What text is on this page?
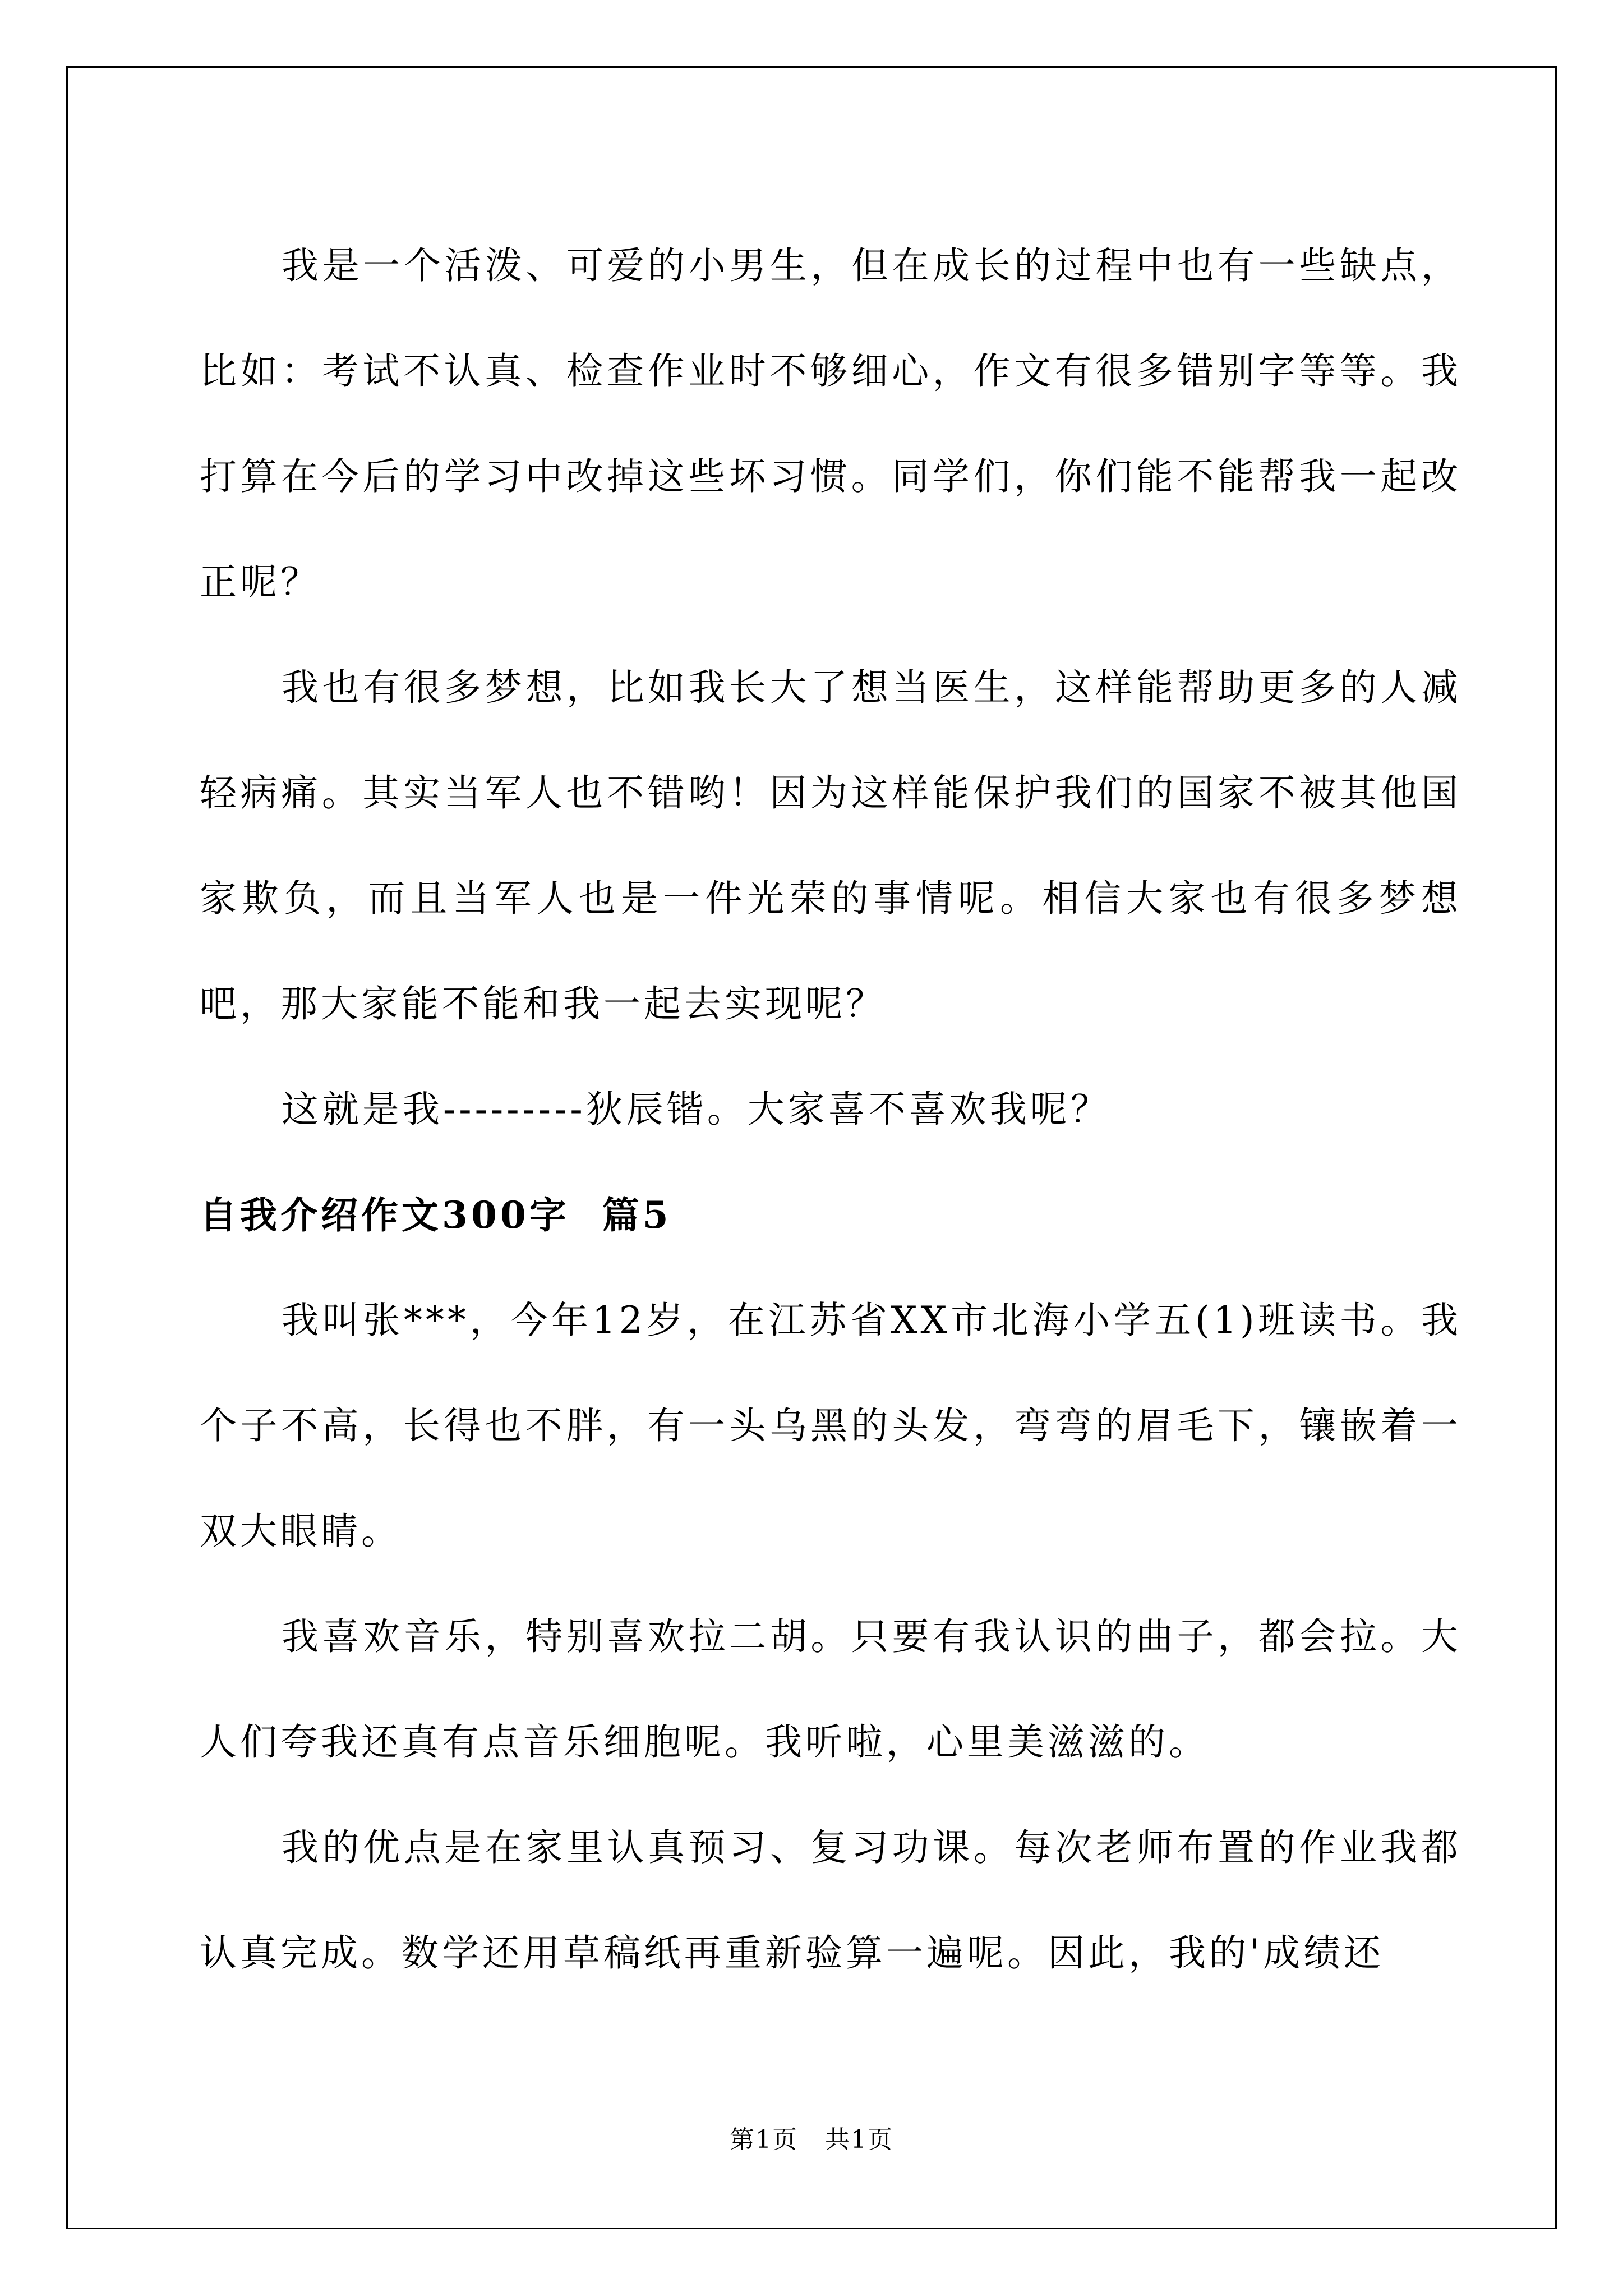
我是一个活泼、可爱的小男生，但在成长的过程中也有一些缺点，比如：考试不认真、检查作业时不够细心，作文有很多错别字等等。我打算在今后的学习中改掉这些坏习惯。同学们，你们能不能帮我一起改正呢？

我也有很多梦想，比如我长大了想当医生，这样能帮助更多的人减轻病痛。其实当军人也不错哟！因为这样能保护我们的国家不被其他国家欺负，而且当军人也是一件光荣的事情呢。相信大家也有很多梦想吧，那大家能不能和我一起去实现呢？

这就是我---------狄辰锴。大家喜不喜欢我呢？

自我介绍作文300字  篇5

我叫张***，今年12岁，在江苏省XX市北海小学五(1)班读书。我个子不高，长得也不胖，有一头乌黑的头发，弯弯的眉毛下，镶嵌着一双大眼睛。

我喜欢音乐，特别喜欢拉二胡。只要有我认识的曲子，都会拉。大人们夸我还真有点音乐细胞呢。我听啦，心里美滋滋的。

我的优点是在家里认真预习、复习功课。每次老师布置的作业我都认真完成。数学还用草稿纸再重新验算一遍呢。因此，我的'成绩还

第1页   共1页
